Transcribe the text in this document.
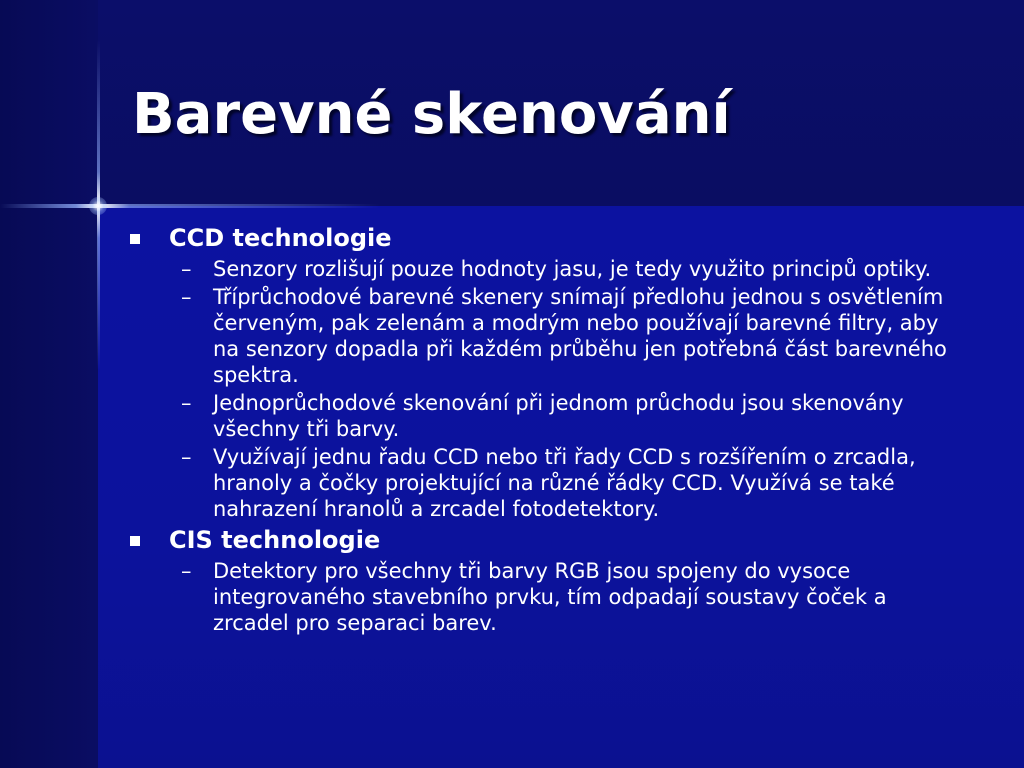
Barevné skenování

CCD technologie

– Senzory rozlišují pouze hodnoty jasu, je tedy využito principů optiky.

– Tříprůchodové barevné skenery snímají předlohu jednou s osvětlením červeným, pak zelenám a modrým nebo používají barevné filtry, aby na senzory dopadla při každém průběhu jen potřebná část barevného spektra.

– Jednoprůchodové skenování při jednom průchodu jsou skenovány všechny tři barvy.

– Využívají jednu řadu CCD nebo tři řady CCD s rozšířením o zrcadla, hranoly a čočky projektující na různé řádky CCD. Využívá se také nahrazení hranolů a zrcadel fotodetektory.

CIS technologie

– Detektory pro všechny tři barvy RGB jsou spojeny do vysoce integrovaného stavebního prvku, tím odpadají soustavy čoček a zrcadel pro separaci barev.
